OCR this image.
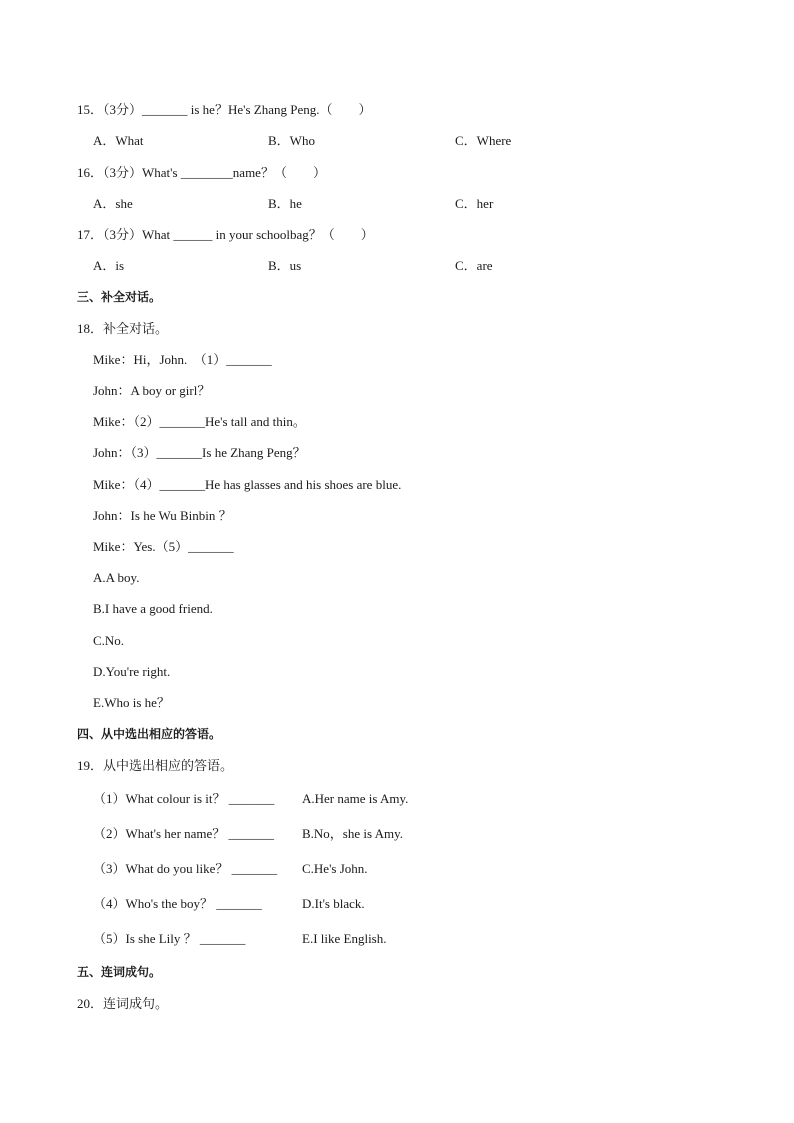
15．（3分）_______ is he？He's Zhang Peng.（　　）
A．What	B．Who	C．Where
16．（3分）What's ________name？（　　）
A．she	B．he	C．her
17．（3分）What ______ in your schoolbag？（　　）
A．is	B．us	C．are
三、补全对话。
18．补全对话。
Mike：Hi，John.　（1）_______
John：A boy or girl？
Mike：（2）_______He's tall and thin。
John：（3）_______Is he Zhang Peng？
Mike：（4）_______He has glasses and his shoes are blue.
John：Is he Wu Binbin ？
Mike：Yes.（5）_______
A.A boy.
B.I have a good friend.
C.No.
D.You're right.
E.Who is he？
四、从中选出相应的答语。
19．从中选出相应的答语。
（1）What colour is it？ _______ A.Her name is Amy.
（2）What's her name？ _______ B.No，she is Amy.
（3）What do you like？ _______ C.He's John.
（4）Who's the boy？ _______	D.It's black.
（5）Is she Lily ？ _______	E.I like English.
五、连词成句。
20．连词成句。
